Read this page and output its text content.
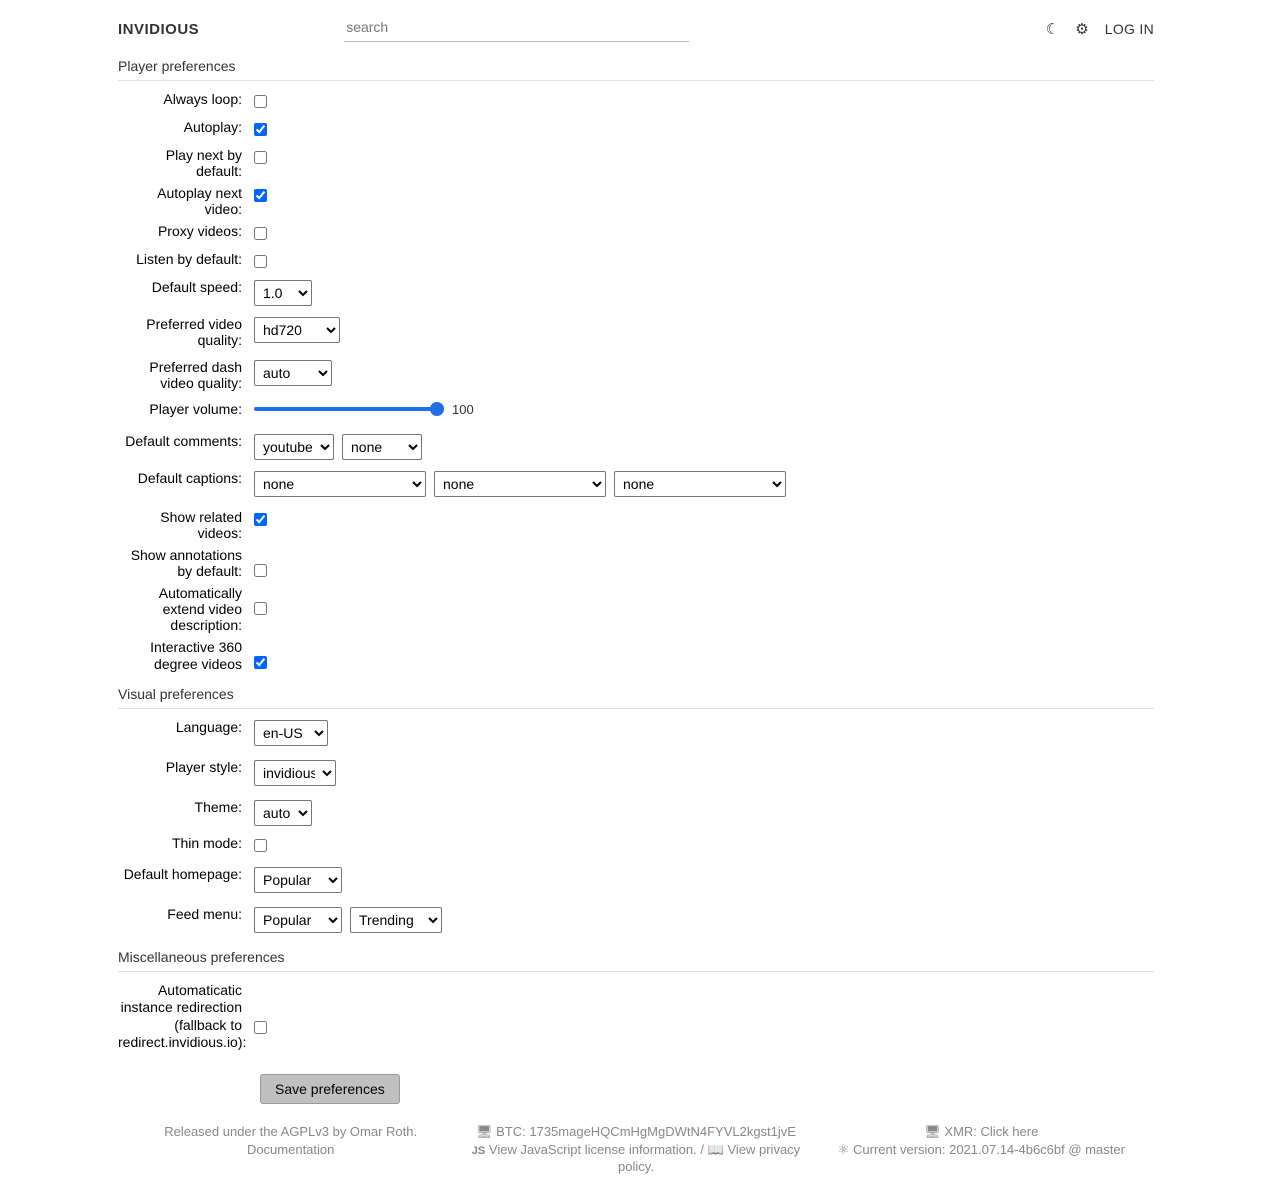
INVIDIOUS
search	☾ ⚙ LOG IN
Player preferences
Always loop:
Autoplay:
Play next by default:
Autoplay next video:
Proxy videos:
Listen by default:
Default speed:
1.0
Preferred video quality:
hd720
Preferred dash video quality:
auto
Player volume:	100
Default comments:
youtube
none
Default captions:
none
none
none
Show related videos:
Show annotations by default:
Automatically extend video description:
Interactive 360 degree videos
Visual preferences
Language:
en-US
Player style:
invidious
Theme:
auto
Thin mode:
Default homepage:
Popular
Feed menu:
Popular
Trending
Miscellaneous preferences
Automaticatic instance redirection (fallback to redirect.invidious.io):
Save preferences
Released under the AGPLv3 by Omar Roth.
Documentation
🖥 BTC: 1735mageHQCmHgMgDWtN4FYVL2kgst1jvE
JS View JavaScript license information. / 📖 View privacy policy.
🖥 XMR: Click here
⚛ Current version: 2021.07.14-4b6c6bf @ master
